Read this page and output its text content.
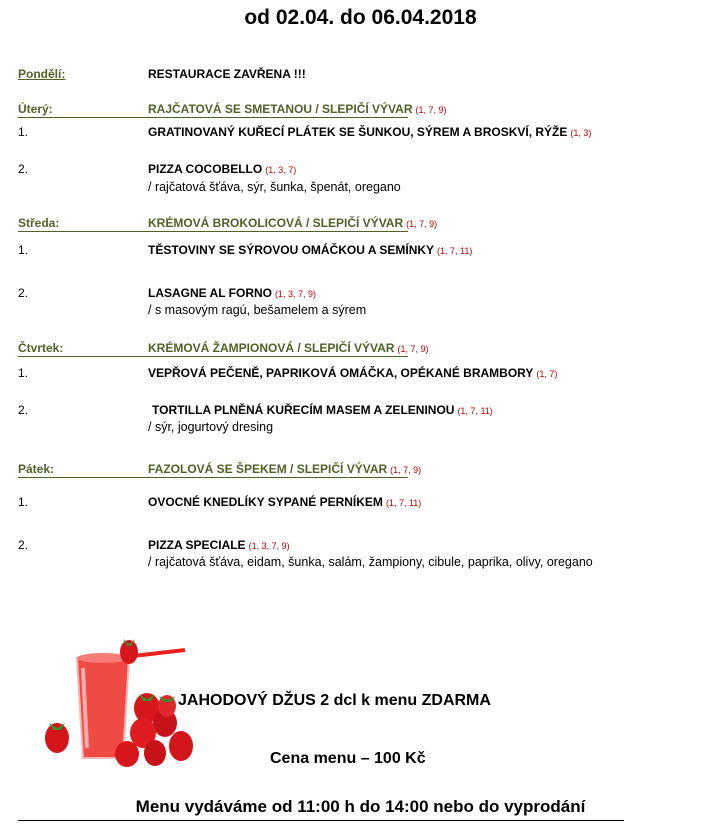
od 02.04. do 06.04.2018
Pondělí:	RESTAURACE ZAVŘENA !!!
Úterý:	RAJČATOVÁ SE SMETANOU / SLEPIČÍ VÝVAR (1, 7, 9)
1.	GRATINOVANÝ KUŘECÍ PLÁTEK SE ŠUNKOU, SÝREM A BROSKVÍ, RÝŽE (1, 3)
2.	PIZZA COCOBELLO (1, 3, 7)
/ rajčatová šťáva, sýr, šunka, špenát, oregano
Středa:	KRÉMOVÁ BROKOLICOVÁ / SLEPIČÍ VÝVAR (1, 7, 9)
1.	TĚSTOVINY SE SÝROVOU OMÁČKOU A SEMÍNKY (1, 7, 11)
2.	LASAGNE AL FORNO (1, 3, 7, 9)
/ s masovým ragú, bešamelem a sýrem
Čtvrtek:	KRÉMOVÁ ŽAMPIONOVÁ / SLEPIČÍ VÝVAR (1, 7, 9)
1.	VEPŘOVÁ PEČENĚ, PAPRIKOVÁ OMÁČKA, OPÉKANÉ BRAMBORY (1, 7)
2.	TORTILLA PLNĚNÁ KUŘECÍM MASEM A ZELENINOU (1, 7, 11)
/ sýr, jogurtový dresing
Pátek:	FAZOLOVÁ SE ŠPEKEM / SLEPIČÍ VÝVAR (1, 7, 9)
1.	OVOCNÉ KNEDLÍKY SYPANÉ PERNÍKEM (1, 7, 11)
2.	PIZZA SPECIALE (1, 3, 7, 9)
/ rajčatová šťáva, eidam, šunka, salám, žampiony, cibule, paprika, olivy, oregano
JAHODOVÝ DŽUS 2 dcl k menu ZDARMA
Cena menu – 100 Kč
Menu vydáváme od 11:00 h do 14:00 nebo do vyprodání
